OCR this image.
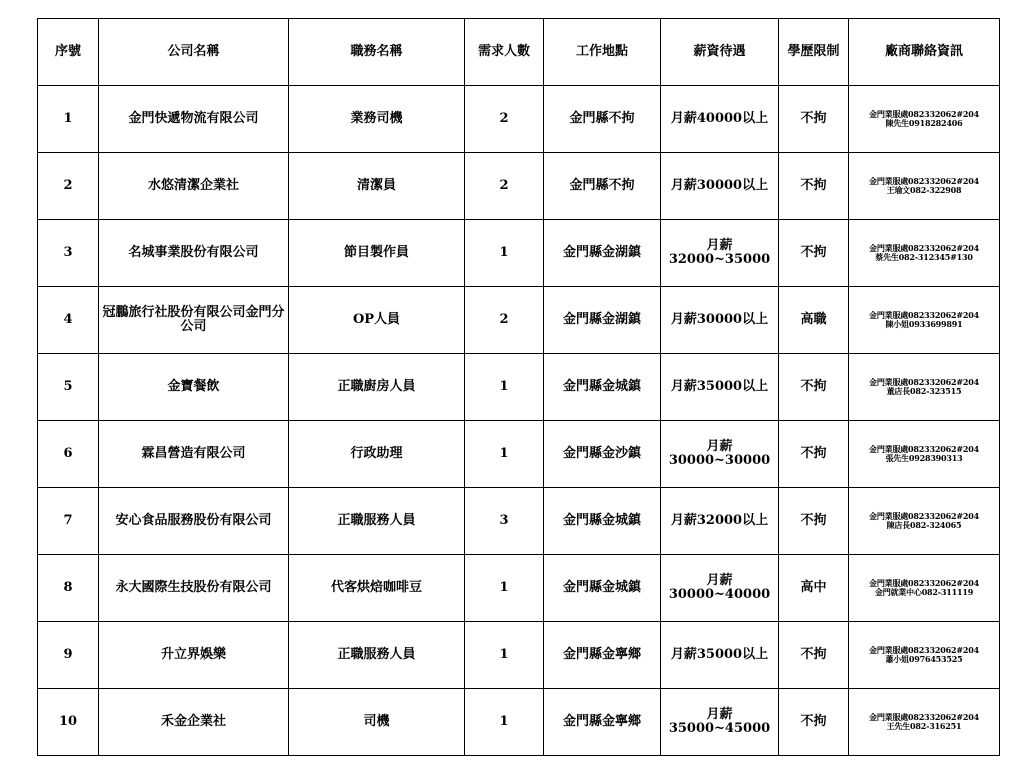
序號	公司名稱	職務名稱	需求人數	工作地點	薪資待遇	學歷限制	廠商聯絡資訊
1	金門快遞物流有限公司	業務司機	2	金門縣不拘	月薪40000以上	不拘	金門業服處082332062#204
陳先生0918282406

2	水悠清潔企業社	清潔員	2	金門縣不拘	月薪30000以上	不拘	金門業服處082332062#204
王瑜文082-322908

3	名城事業股份有限公司	節目製作員	1	金門縣金湖鎮	月薪32000~35000	不拘	金門業服處082332062#204
蔡先生082-312345#130

4	冠鵬旅行社股份有限公司金門分公司	OP人員	2	金門縣金湖鎮	月薪30000以上	高職	金門業服處082332062#204
陳小姐0933699891

5	金寶餐飲	正職廚房人員	1	金門縣金城鎮	月薪35000以上	不拘	金門業服處082332062#204
董店長082-323515

6	霖昌營造有限公司	行政助理	1	金門縣金沙鎮	月薪30000~30000	不拘	金門業服處082332062#204
張先生0928390313

7	安心食品服務股份有限公司	正職服務人員	3	金門縣金城鎮	月薪32000以上	不拘	金門業服處082332062#204
陳店長082-324065

8	永大國際生技股份有限公司	代客烘焙咖啡豆	1	金門縣金城鎮	月薪30000~40000	高中	金門業服處082332062#204
金門就業中心082-311119

9	升立界娛樂	正職服務人員	1	金門縣金寧鄉	月薪35000以上	不拘	金門業服處082332062#204
蕭小姐0976453525

10	禾金企業社	司機	1	金門縣金寧鄉	月薪35000~45000	不拘	金門業服處082332062#204
王先生082-316251
